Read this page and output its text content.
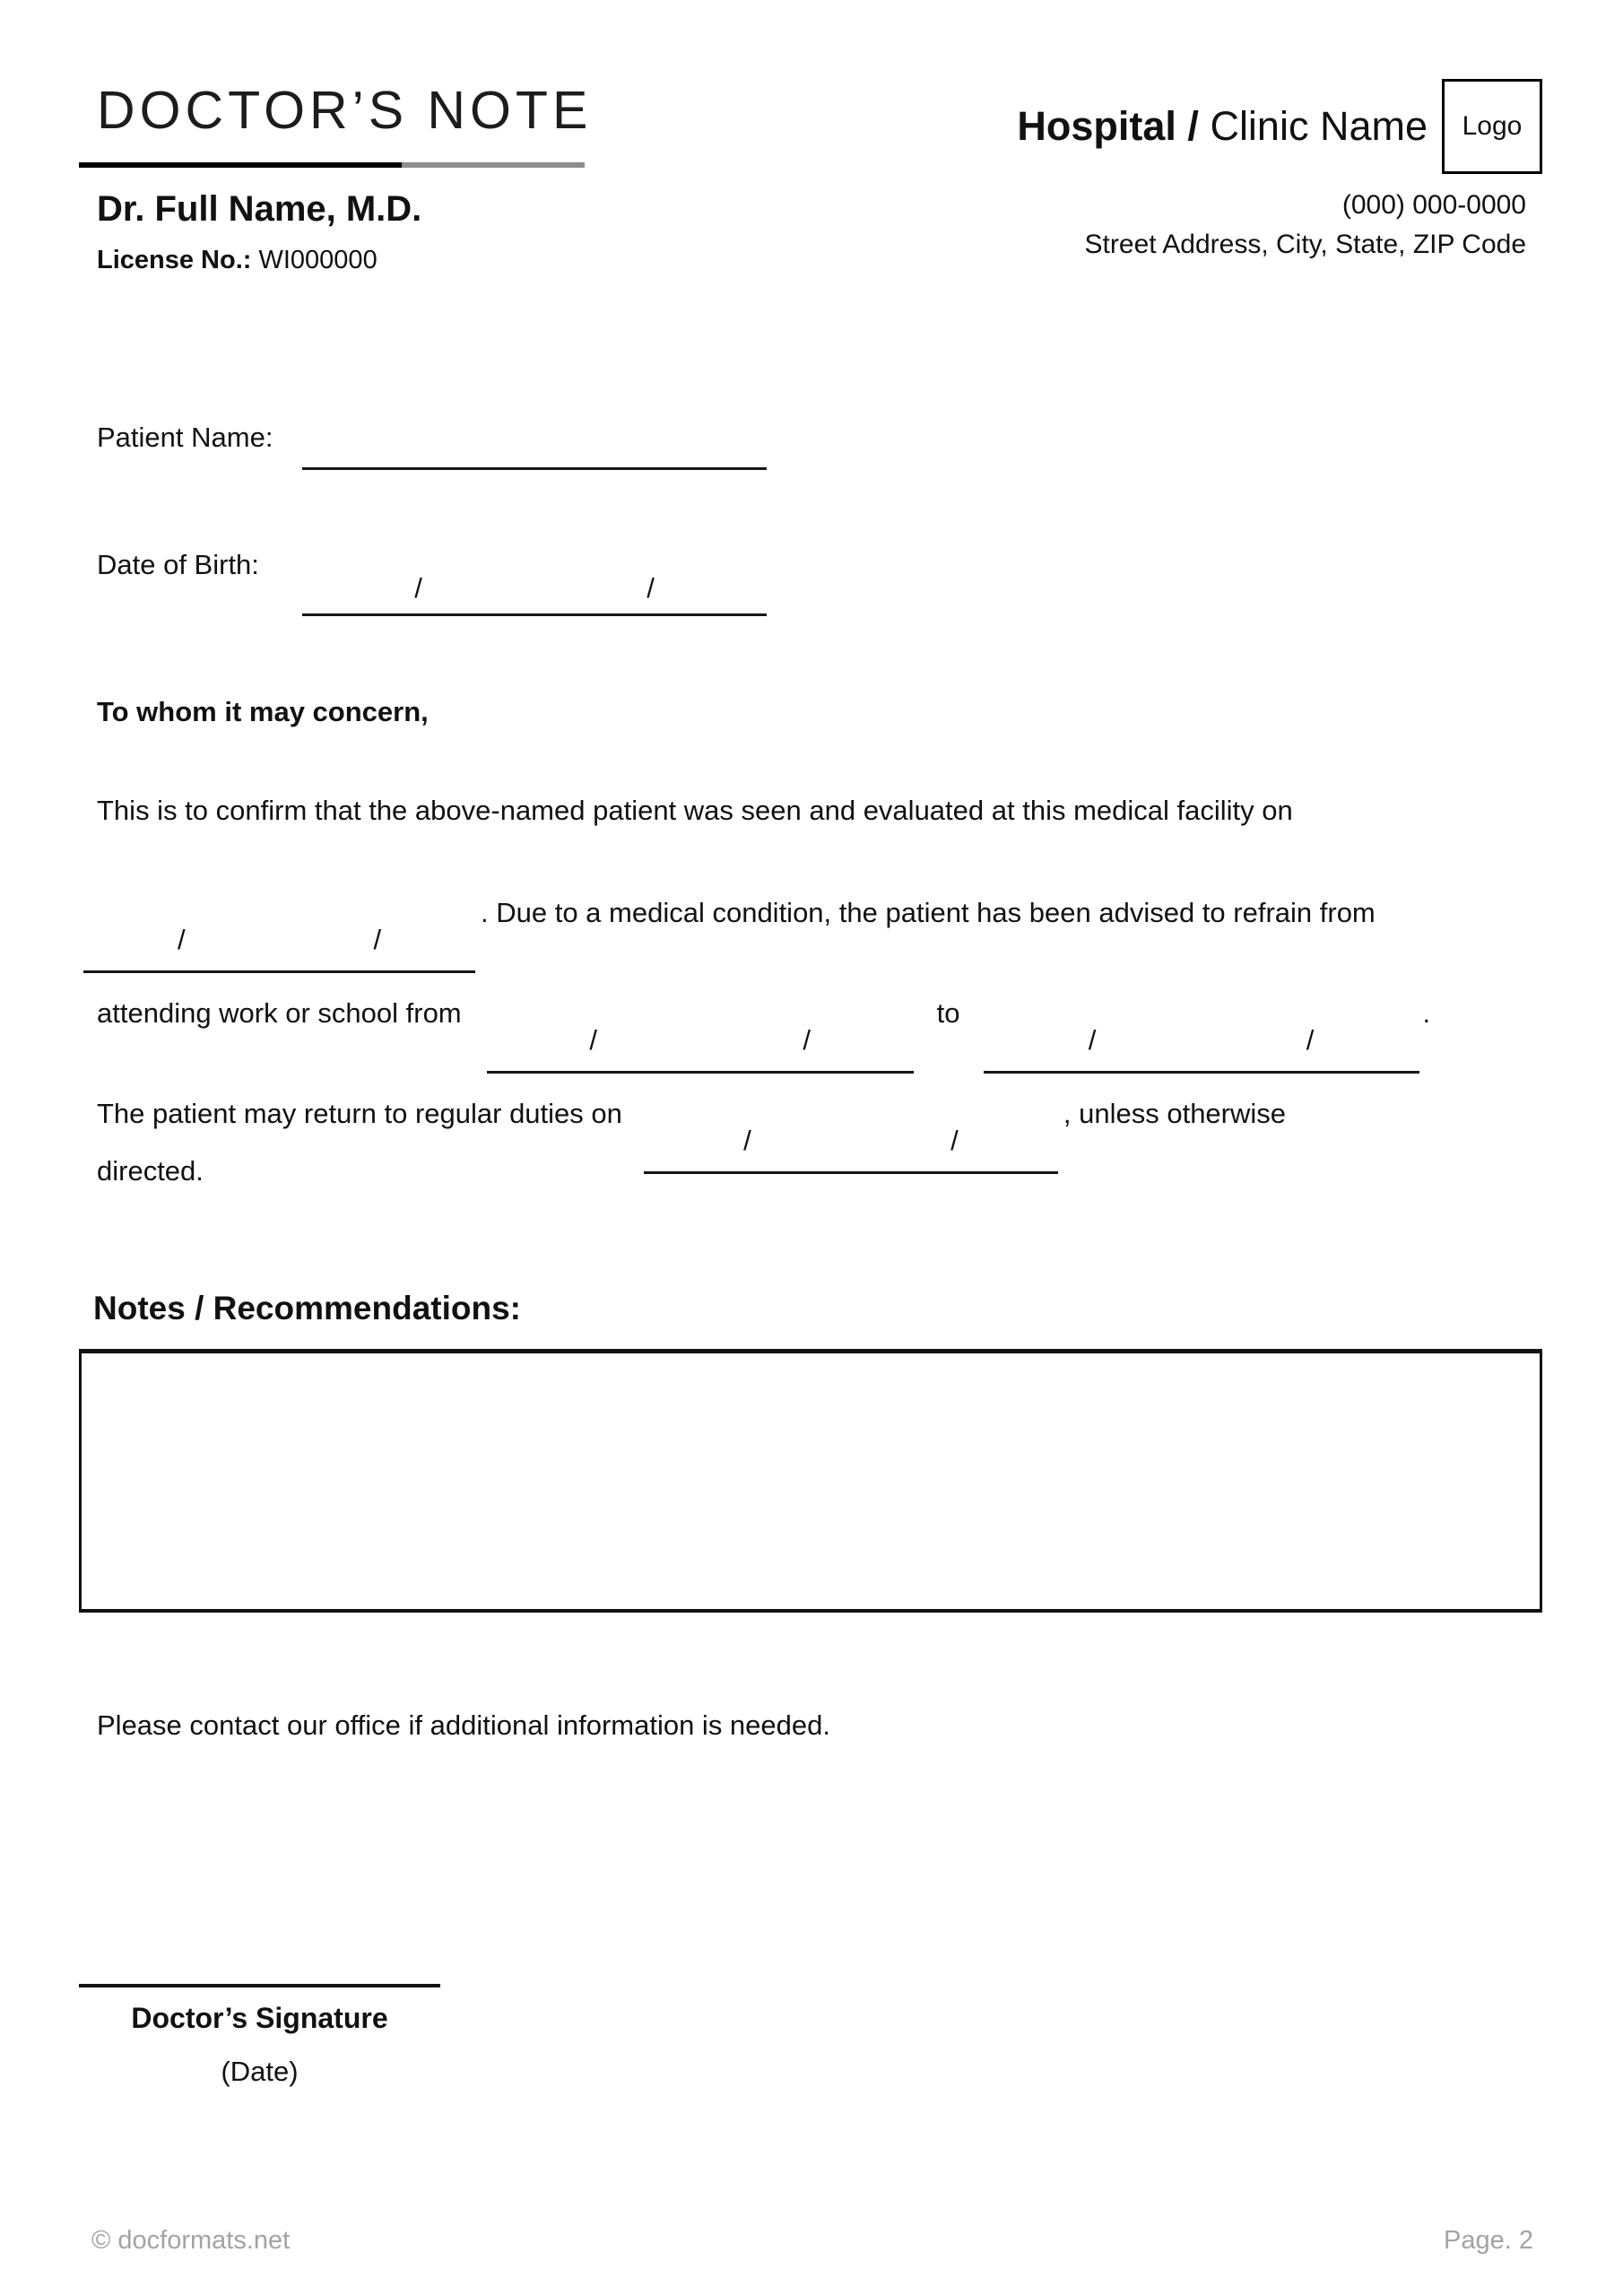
DOCTOR’S NOTE
Dr. Full Name, M.D.
License No.: WI000000
Hospital / Clinic Name Logo
(000) 000-0000
Street Address, City, State, ZIP Code
Patient Name:
Date of Birth:
/	/
To whom it may concern,
This is to confirm that the above-named patient was seen and evaluated at this medical facility on
/	/
. Due to a medical condition, the patient has been advised to refrain from
attending work or school from
/	/
to
/	/
.
The patient may return to regular duties on
/	/
, unless otherwise
directed.
Notes / Recommendations:
Please contact our office if additional information is needed.
Doctor’s Signature
(Date)
© docformats.net	Page. 2
